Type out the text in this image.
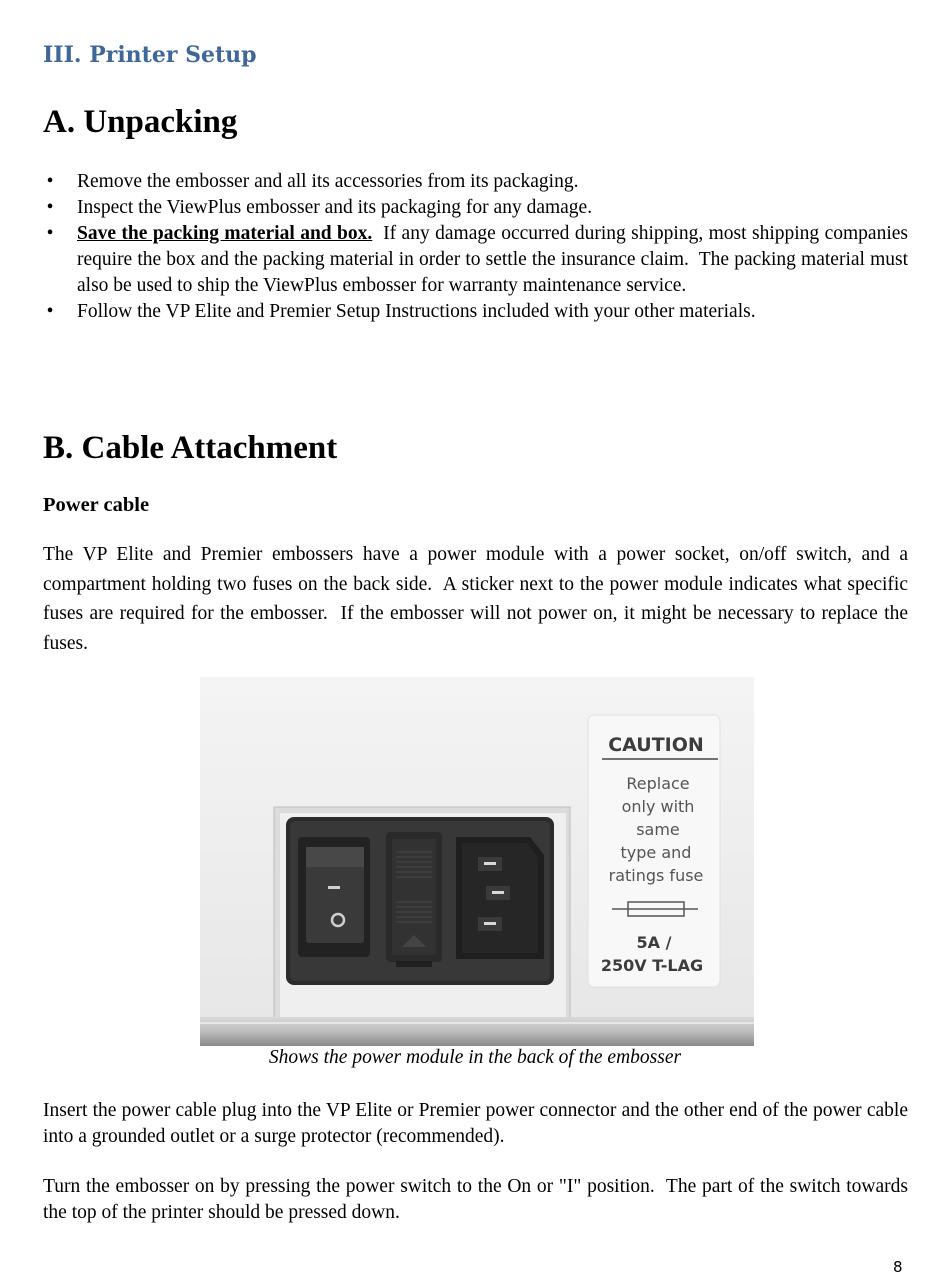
III. Printer Setup
A. Unpacking
• Remove the embosser and all its accessories from its packaging.
• Inspect the ViewPlus embosser and its packaging for any damage.
• Save the packing material and box.  If any damage occurred during shipping, most shipping companies require the box and the packing material in order to settle the insurance claim.  The packing material must also be used to ship the ViewPlus embosser for warranty maintenance service.
• Follow the VP Elite and Premier Setup Instructions included with your other materials.
B. Cable Attachment
Power cable

The VP Elite and Premier embossers have a power module with a power socket, on/off switch, and a compartment holding two fuses on the back side.  A sticker next to the power module indicates what specific fuses are required for the embosser.  If the embosser will not power on, it might be necessary to replace the fuses.

CAUTION
Replace
only with
same
type and
ratings fuse
5A /
250V T-LAG

Shows the power module in the back of the embosser

Insert the power cable plug into the VP Elite or Premier power connector and the other end of the power cable into a grounded outlet or a surge protector (recommended).

Turn the embosser on by pressing the power switch to the On or "I" position.  The part of the switch towards the top of the printer should be pressed down.

8
